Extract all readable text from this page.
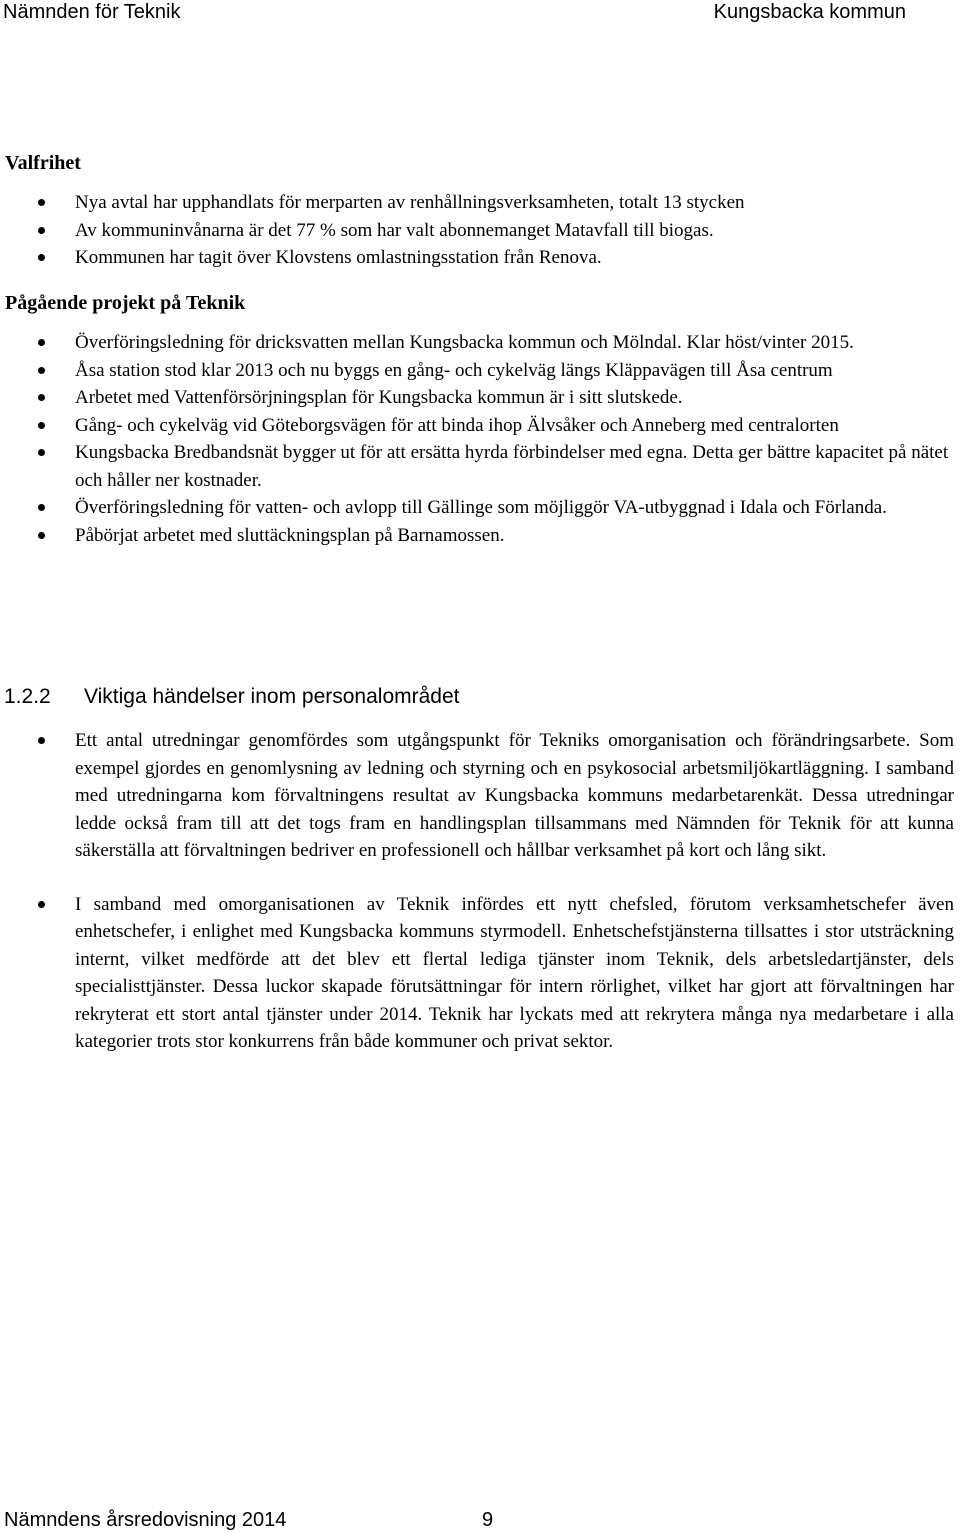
Nämnden för Teknik	Kungsbacka kommun
Valfrihet
Nya avtal har upphandlats för merparten av renhållningsverksamheten, totalt 13 stycken
Av kommuninvånarna är det 77 % som har valt abonnemanget Matavfall till biogas.
Kommunen har tagit över Klovstens omlastningsstation från Renova.
Pågående projekt på Teknik
Överföringsledning för dricksvatten mellan Kungsbacka kommun och Mölndal. Klar höst/vinter 2015.
Åsa station stod klar 2013 och nu byggs en gång- och cykelväg längs Kläppavägen till Åsa centrum
Arbetet med Vattenförsörjningsplan för Kungsbacka kommun är i sitt slutskede.
Gång- och cykelväg vid Göteborgsvägen för att binda ihop Älvsåker och Anneberg med centralorten
Kungsbacka Bredbandsnät bygger ut för att ersätta hyrda förbindelser med egna. Detta ger bättre kapacitet på nätet och håller ner kostnader.
Överföringsledning för vatten- och avlopp till Gällinge som möjliggör VA-utbyggnad i Idala och Förlanda.
Påbörjat arbetet med sluttäckningsplan på Barnamossen.
1.2.2 Viktiga händelser inom personalområdet
Ett antal utredningar genomfördes som utgångspunkt för Tekniks omorganisation och förändringsarbete. Som exempel gjordes en genomlysning av ledning och styrning och en psykosocial arbetsmiljökartläggning. I samband med utredningarna kom förvaltningens resultat av Kungsbacka kommuns medarbetarenkät. Dessa utredningar ledde också fram till att det togs fram en handlingsplan tillsammans med Nämnden för Teknik för att kunna säkerställa att förvaltningen bedriver en professionell och hållbar verksamhet på kort och lång sikt.
I samband med omorganisationen av Teknik infördes ett nytt chefsled, förutom verksamhetschefer även enhetschefer, i enlighet med Kungsbacka kommuns styrmodell. Enhetschefstjänsterna tillsattes i stor utsträckning internt, vilket medförde att det blev ett flertal lediga tjänster inom Teknik, dels arbetsledartjänster, dels specialisttjänster. Dessa luckor skapade förutsättningar för intern rörlighet, vilket har gjort att förvaltningen har rekryterat ett stort antal tjänster under 2014. Teknik har lyckats med att rekrytera många nya medarbetare i alla kategorier trots stor konkurrens från både kommuner och privat sektor.
Nämndens årsredovisning 2014	9
